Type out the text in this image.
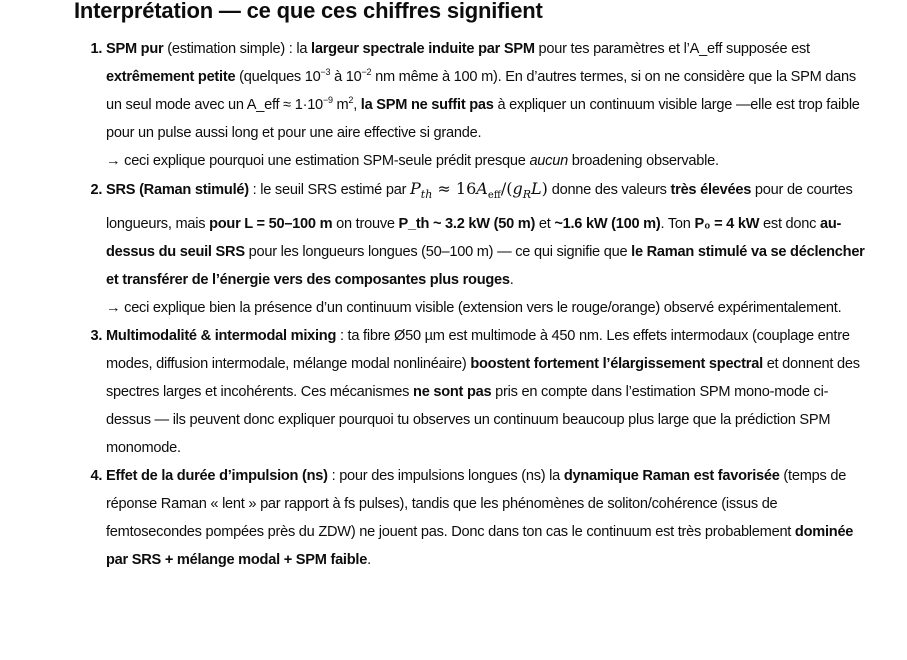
Interprétation — ce que ces chiffres signifient
1. SPM pur (estimation simple) : la largeur spectrale induite par SPM pour tes paramètres et l’A_eff supposée est extrêmement petite (quelques $10^{-3}$ à $10^{-2}$ nm même à 100 m). En d’autres termes, si on ne considère que la SPM dans un seul mode avec un A_eff ≈ $1\cdot 10^{-9}$ $m^2$, la SPM ne suffit pas à expliquer un continuum visible large —elle est trop faible pour un pulse aussi long et pour une aire effective si grande.
→ ceci explique pourquoi une estimation SPM-seule prédit presque aucun broadening observable.
2. SRS (Raman stimulé) : le seuil SRS estimé par $P_{th} \approx 16A_{eff}/(g_RL)$ donne des valeurs très élevées pour de courtes longueurs, mais pour L = 50–100 m on trouve P_th ~ 3.2 kW (50 m) et ~1.6 kW (100 m). Ton P₀ = 4 kW est donc au-dessus du seuil SRS pour les longueurs longues (50–100 m) — ce qui signifie que le Raman stimulé va se déclencher et transférer de l’énergie vers des composantes plus rouges.
→ ceci explique bien la présence d’un continuum visible (extension vers le rouge/orange) observé expérimentalement.
3. Multimodalité & intermodal mixing : ta fibre Ø50 µm est multimode à 450 nm. Les effets intermodaux (couplage entre modes, diffusion intermodale, mélange modal nonlinéaire) boostent fortement l’élargissement spectral et donnent des spectres larges et incohérents. Ces mécanismes ne sont pas pris en compte dans l’estimation SPM mono-mode ci-dessus — ils peuvent donc expliquer pourquoi tu observes un continuum beaucoup plus large que la prédiction SPM monomode.
4. Effet de la durée d’impulsion (ns) : pour des impulsions longues (ns) la dynamique Raman est favorisée (temps de réponse Raman « lent » par rapport à fs pulses), tandis que les phénomènes de soliton/cohérence (issus de femtosecondes pompées près du ZDW) ne jouent pas. Donc dans ton cas le continuum est très probablement dominée par SRS + mélange modal + SPM faible.
